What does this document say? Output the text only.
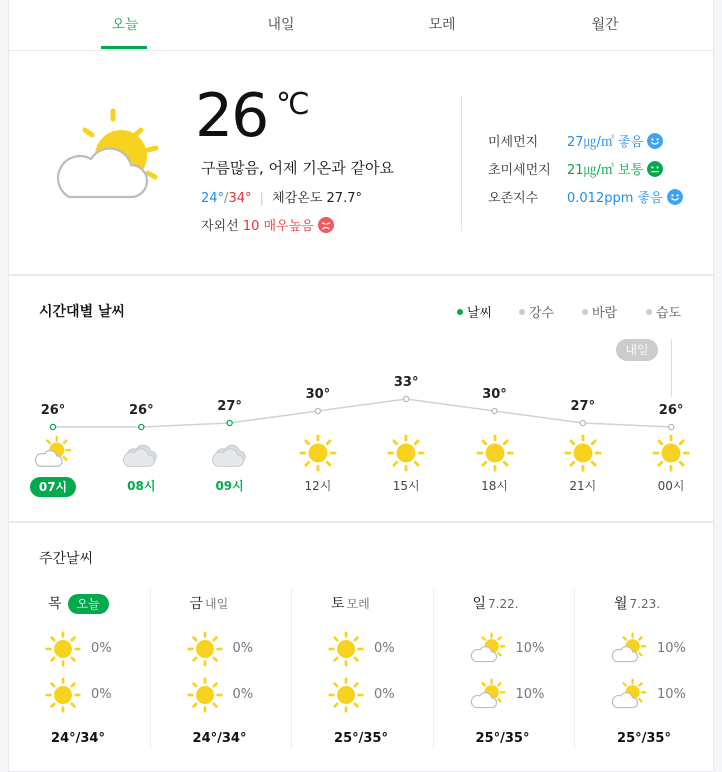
오늘	내일	모레	월간
26 ℃
구름많음, 어제 기온과 같아요
24°/34° | 체감온도 27.7°
자외선 10 매우높음
미세먼지 27㎍/㎥ 좋음
초미세먼지 21㎍/㎥ 보통
오존지수 0.012ppm 좋음
시간대별 날씨	날씨	강수	바람	습도
내일
26°
07시
26°
08시
27°
09시
30°
12시
33°
15시
30°
18시
27°
21시
26°
00시
주간날씨
목 오늘
0%
0%
24°/34°
금 내일
0%
0%
24°/34°
토 모레
0%
0%
25°/35°
일 7.22.
10%
10%
25°/35°
월 7.23.
10%
10%
25°/35°
